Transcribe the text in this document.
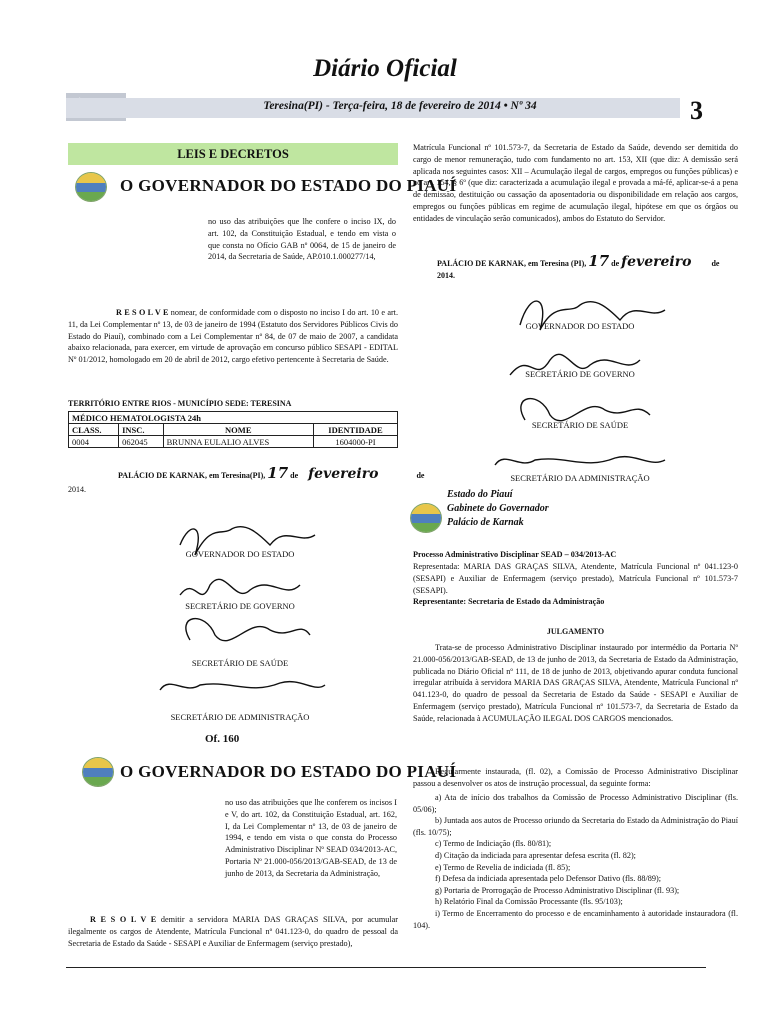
Diário Oficial
Teresina(PI) - Terça-feira, 18 de fevereiro de 2014 • Nº 34	3
LEIS E DECRETOS
O GOVERNADOR DO ESTADO DO PIAUÍ
no uso das atribuições que lhe confere o inciso IX, do art. 102, da Constituição Estadual, e tendo em vista o que consta no Ofício GAB nº 0064, de 15 de janeiro de 2014, da Secretaria de Saúde, AP.010.1.000277/14,
R E S O L V E nomear, de conformidade com o disposto no inciso I do art. 10 e art. 11, da Lei Complementar nº 13, de 03 de janeiro de 1994 (Estatuto dos Servidores Públicos Civis do Estado do Piauí), combinado com a Lei Complementar nº 84, de 07 de maio de 2007, a candidata abaixo relacionada, para exercer, em virtude de aprovação em concurso público SESAPI - EDITAL Nº 01/2012, homologado em 20 de abril de 2012, cargo efetivo pertencente à Secretaria de Saúde.
TERRITÓRIO ENTRE RIOS - MUNICÍPIO SEDE: TERESINA
MÉDICO HEMATOLOGISTA 24h			
CLASS.	INSC.	NOME	IDENTIDADE
0004	062045	BRUNNA EULALIO ALVES	1604000-PI
PALÁCIO DE KARNAK, em Teresina(PI), 17 de fevereiro	de
2014.
GOVERNADOR DO ESTADO
SECRETÁRIO DE GOVERNO
SECRETÁRIO DE SAÚDE
SECRETÁRIO DE ADMINISTRAÇÃO
Of. 160
O GOVERNADOR DO ESTADO DO PIAUÍ
no uso das atribuições que lhe conferem os incisos I e V, do art. 102, da Constituição Estadual, art. 162, I, da Lei Complementar nº 13, de 03 de janeiro de 1994, e tendo em vista o que consta do Processo Administrativo Disciplinar Nº SEAD 034/2013-AC, Portaria Nº 21.000-056/2013/GAB-SEAD, de 13 de junho de 2013, da Secretaria da Administração,
R E S O L V E demitir a servidora MARIA DAS GRAÇAS SILVA, por acumular ilegalmente os cargos de Atendente, Matrícula Funcional nº 041.123-0, do quadro de pessoal da Secretaria de Estado da Saúde - SESAPI e Auxiliar de Enfermagem (serviço prestado),
Matrícula Funcional nº 101.573-7, da Secretaria de Estado da Saúde, devendo ser demitida do cargo de menor remuneração, tudo com fundamento no art. 153, XII (que diz: A demissão será aplicada nos seguintes casos: XII – Acumulação ilegal de cargos, empregos ou funções públicas) e no art. 154, § 6º (que diz: caracterizada a acumulação ilegal e provada a má-fé, aplicar-se-á a pena de demissão, destituição ou cassação da aposentadoria ou disponibilidade em relação aos cargos, empregos ou funções públicas em regime de acumulação ilegal, hipótese em que os órgãos ou entidades de vinculação serão comunicados), ambos do Estatuto do Servidor.
PALÁCIO DE KARNAK, em Teresina (PI), 17 de fevereiro	de 2014.
GOVERNADOR DO ESTADO
SECRETÁRIO DE GOVERNO
SECRETÁRIO DE SAÚDE
SECRETÁRIO DA ADMINISTRAÇÃO
Estado do Piauí
Gabinete do Governador
Palácio de Karnak
Processo Administrativo Disciplinar SEAD – 034/2013-AC
Representada: MARIA DAS GRAÇAS SILVA, Atendente, Matrícula Funcional nº 041.123-0 (SESAPI) e Auxiliar de Enfermagem (serviço prestado), Matrícula Funcional nº 101.573-7 (SESAPI).
Representante: Secretaria de Estado da Administração
JULGAMENTO
Trata-se de processo Administrativo Disciplinar instaurado por intermédio da Portaria Nº 21.000-056/2013/GAB-SEAD, de 13 de junho de 2013, da Secretaria de Estado da Administração, publicada no Diário Oficial nº 111, de 18 de junho de 2013, objetivando apurar conduta funcional irregular atribuída à servidora MARIA DAS GRAÇAS SILVA, Atendente, Matrícula Funcional nº 041.123-0, do quadro de pessoal da Secretaria de Estado da Saúde - SESAPI e Auxiliar de Enfermagem (serviço prestado), Matrícula Funcional nº 101.573-7, da Secretaria de Estado da Saúde, relacionada à ACUMULAÇÃO ILEGAL DOS CARGOS mencionados.
Regularmente instaurada, (fl. 02), a Comissão de Processo Administrativo Disciplinar passou a desenvolver os atos de instrução processual, da seguinte forma:
a) Ata de início dos trabalhos da Comissão de Processo Administrativo Disciplinar (fls. 05/06);
b) Juntada aos autos de Processo oriundo da Secretaria do Estado da Administração do Piauí (fls. 10/75);
c) Termo de Indiciação (fls. 80/81);
d) Citação da indiciada para apresentar defesa escrita (fl. 82);
e) Termo de Revelia de indiciada (fl. 85);
f) Defesa da indiciada apresentada pelo Defensor Dativo (fls. 88/89);
g) Portaria de Prorrogação de Processo Administrativo Disciplinar (fl. 93);
h) Relatório Final da Comissão Processante (fls. 95/103);
i) Termo de Encerramento do processo e de encaminhamento à autoridade instauradora (fl. 104).
